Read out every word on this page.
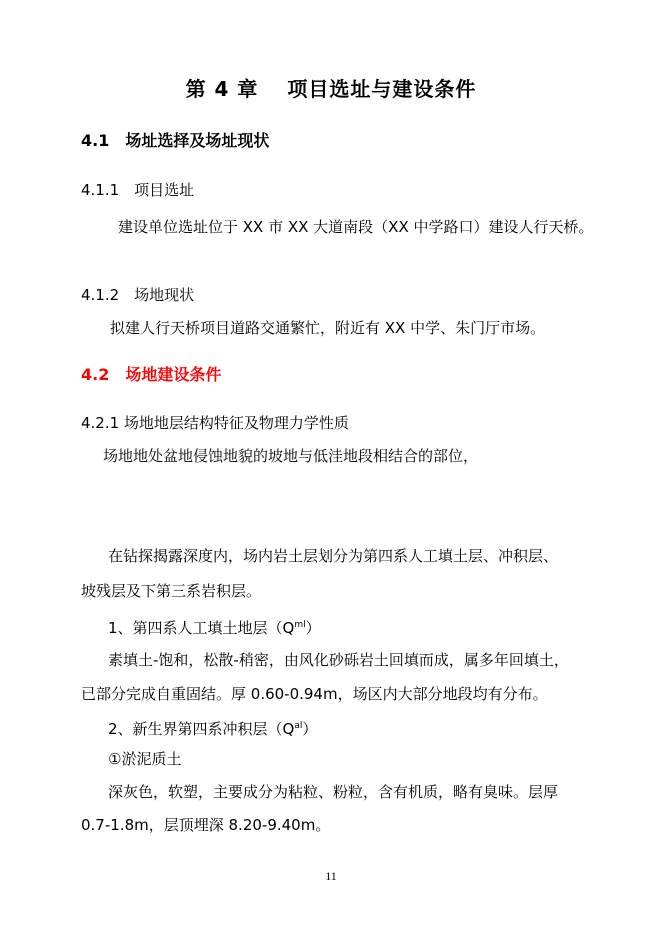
第 4 章　 项目选址与建设条件
4.1　场址选择及场址现状
4.1.1　项目选址
建设单位选址位于 XX 市 XX 大道南段（XX 中学路口）建设人行天桥。
4.1.2　场地现状
拟建人行天桥项目道路交通繁忙，附近有 XX 中学、朱门厅市场。
4.2　场地建设条件
4.2.1 场地地层结构特征及物理力学性质
场地地处盆地侵蚀地貌的坡地与低洼地段相结合的部位，
在钻探揭露深度内，场内岩土层划分为第四系人工填土层、冲积层、
坡残层及下第三系岩积层。
1、第四系人工填土地层$(Q^{ml})$
素填土-饱和，松散-稍密，由风化砂砾岩土回填而成，属多年回填土，
已部分完成自重固结。厚 0.60-0.94m，场区内大部分地段均有分布。
2、新生界第四系冲积层$(Q^{al})$
①淤泥质土
深灰色，软塑，主要成分为粘粒、粉粒，含有机质，略有臭味。层厚
0.7-1.8m，层顶埋深 8.20-9.40m。
11
